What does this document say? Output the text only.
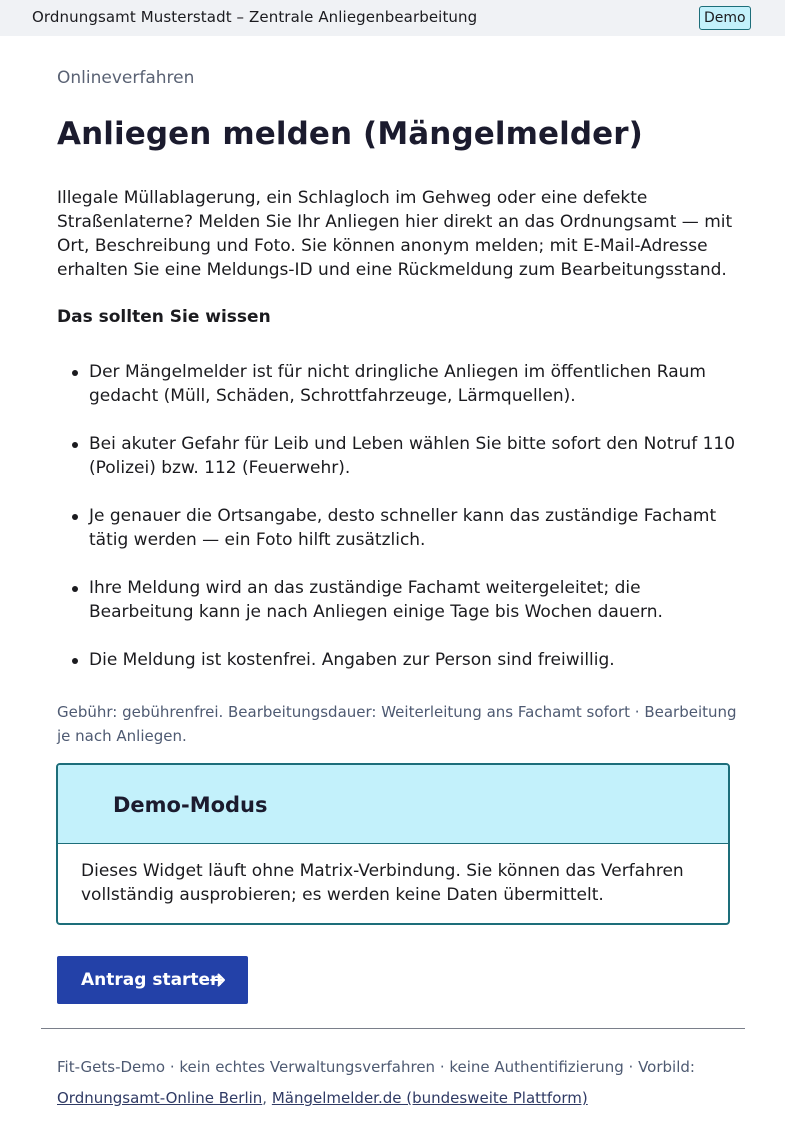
Ordnungsamt Musterstadt – Zentrale Anliegenbearbeitung	Demo
Onlineverfahren
Anliegen melden (Mängelmelder)

Illegale Müllablagerung, ein Schlagloch im Gehweg oder eine defekte Straßenlaterne? Melden Sie Ihr Anliegen hier direkt an das Ordnungsamt — mit Ort, Beschreibung und Foto. Sie können anonym melden; mit E-Mail-Adresse erhalten Sie eine Meldungs-ID und eine Rückmeldung zum Bearbeitungsstand.

Das sollten Sie wissen
Der Mängelmelder ist für nicht dringliche Anliegen im öffentlichen Raum gedacht (Müll, Schäden, Schrottfahrzeuge, Lärmquellen).
Bei akuter Gefahr für Leib und Leben wählen Sie bitte sofort den Notruf 110 (Polizei) bzw. 112 (Feuerwehr).
Je genauer die Ortsangabe, desto schneller kann das zuständige Fachamt tätig werden — ein Foto hilft zusätzlich.
Ihre Meldung wird an das zuständige Fachamt weitergeleitet; die Bearbeitung kann je nach Anliegen einige Tage bis Wochen dauern.
Die Meldung ist kostenfrei. Angaben zur Person sind freiwillig.

Gebühr: gebührenfrei. Bearbeitungsdauer: Weiterleitung ans Fachamt sofort · Bearbeitung je nach Anliegen.

Demo-Modus
Dieses Widget läuft ohne Matrix-Verbindung. Sie können das Verfahren vollständig ausprobieren; es werden keine Daten übermittelt.
Antrag starten
Fit-Gets-Demo · kein echtes Verwaltungsverfahren · keine Authentifizierung · Vorbild:
Ordnungsamt-Online Berlin, Mängelmelder.de (bundesweite Plattform)
